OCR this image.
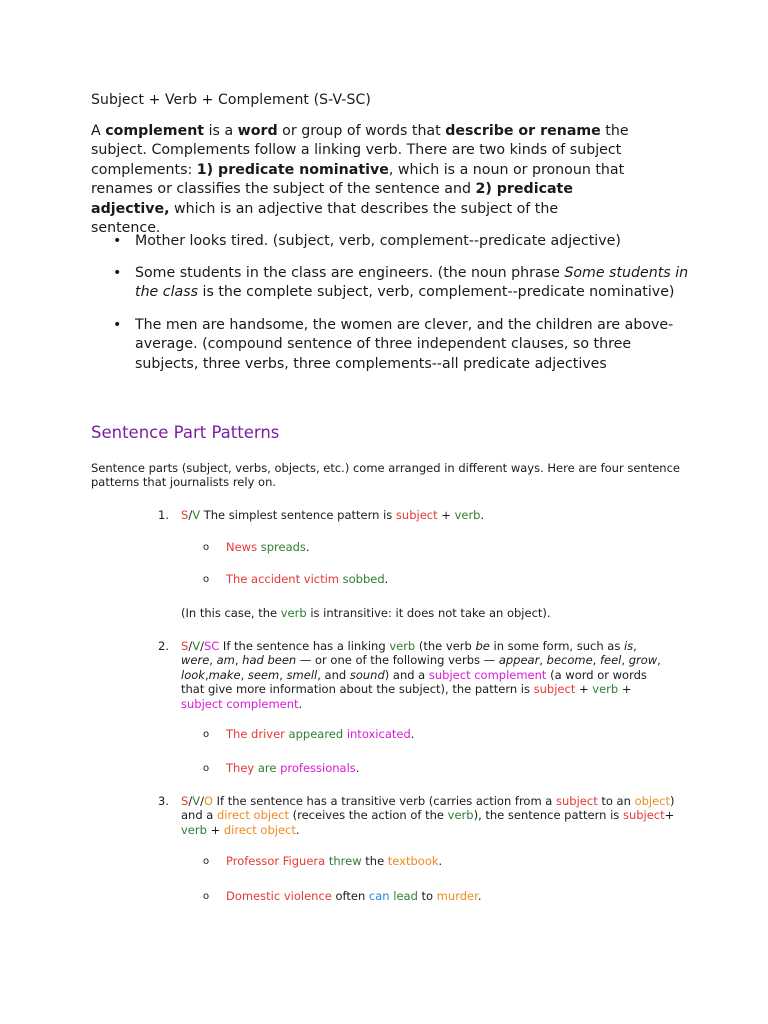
Subject + Verb + Complement (S-V-SC)
A complement is a word or group of words that describe or rename the subject. Complements follow a linking verb. There are two kinds of subject complements: 1) predicate nominative, which is a noun or pronoun that renames or classifies the subject of the sentence and 2) predicate adjective, which is an adjective that describes the subject of the sentence.
• Mother looks tired. (subject, verb, complement--predicate adjective)
• Some students in the class are engineers. (the noun phrase Some students in the class is the complete subject, verb, complement--predicate nominative)
• The men are handsome, the women are clever, and the children are above-average. (compound sentence of three independent clauses, so three subjects, three verbs, three complements--all predicate adjectives
Sentence Part Patterns
Sentence parts (subject, verbs, objects, etc.) come arranged in different ways. Here are four sentence patterns that journalists rely on.
1. S/V The simplest sentence pattern is subject + verb.
o News spreads.
o The accident victim sobbed.
(In this case, the verb is intransitive: it does not take an object).
2. S/V/SC If the sentence has a linking verb (the verb be in some form, such as is, were, am, had been — or one of the following verbs — appear, become, feel, grow, look,make, seem, smell, and sound) and a subject complement (a word or words that give more information about the subject), the pattern is subject + verb + subject complement.
o The driver appeared intoxicated.
o They are professionals.
3. S/V/O If the sentence has a transitive verb (carries action from a subject to an object) and a direct object (receives the action of the verb), the sentence pattern is subject+ verb + direct object.
o Professor Figuera threw the textbook.
o Domestic violence often can lead to murder.
